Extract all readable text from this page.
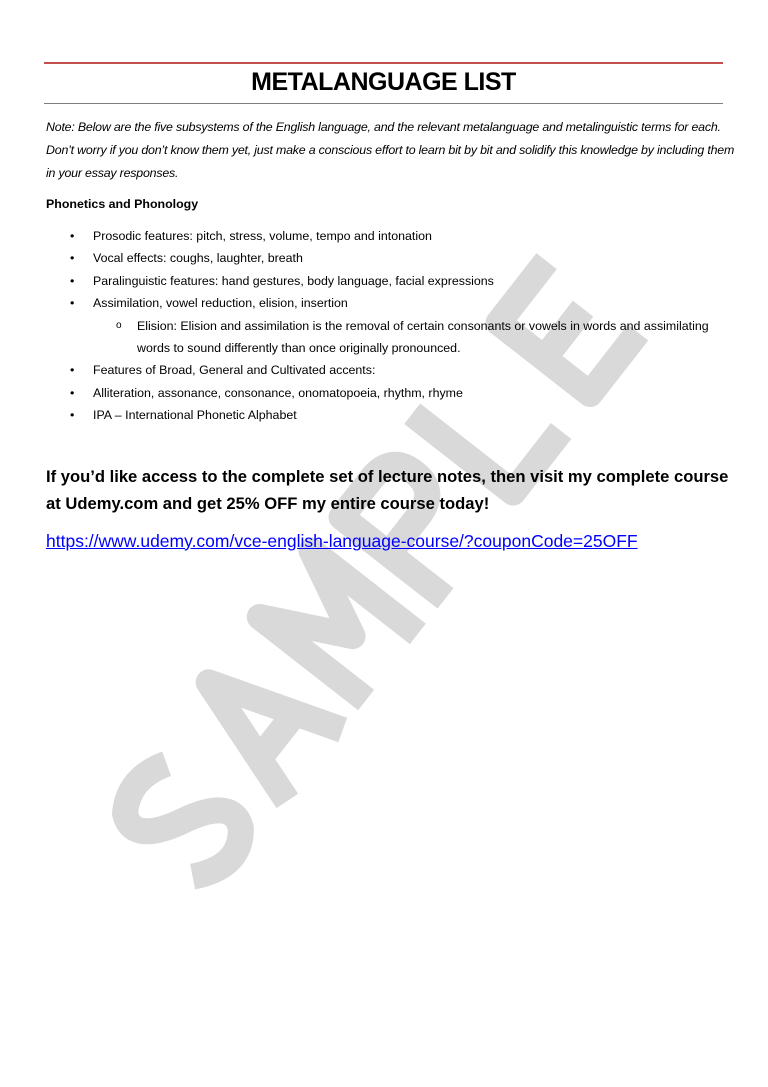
METALANGUAGE LIST
Note: Below are the five subsystems of the English language, and the relevant metalanguage and metalinguistic terms for each. Don’t worry if you don’t know them yet, just make a conscious effort to learn bit by bit and solidify this knowledge by including them in your essay responses.
Phonetics and Phonology
• Prosodic features: pitch, stress, volume, tempo and intonation
• Vocal effects: coughs, laughter, breath
• Paralinguistic features: hand gestures, body language, facial expressions
• Assimilation, vowel reduction, elision, insertion
o Elision: Elision and assimilation is the removal of certain consonants or vowels in words and assimilating words to sound differently than once originally pronounced.
• Features of Broad, General and Cultivated accents:
• Alliteration, assonance, consonance, onomatopoeia, rhythm, rhyme
• IPA – International Phonetic Alphabet
If you’d like access to the complete set of lecture notes, then visit my complete course at Udemy.com and get 25% OFF my entire course today!
https://www.udemy.com/vce-english-language-course/?couponCode=25OFF
